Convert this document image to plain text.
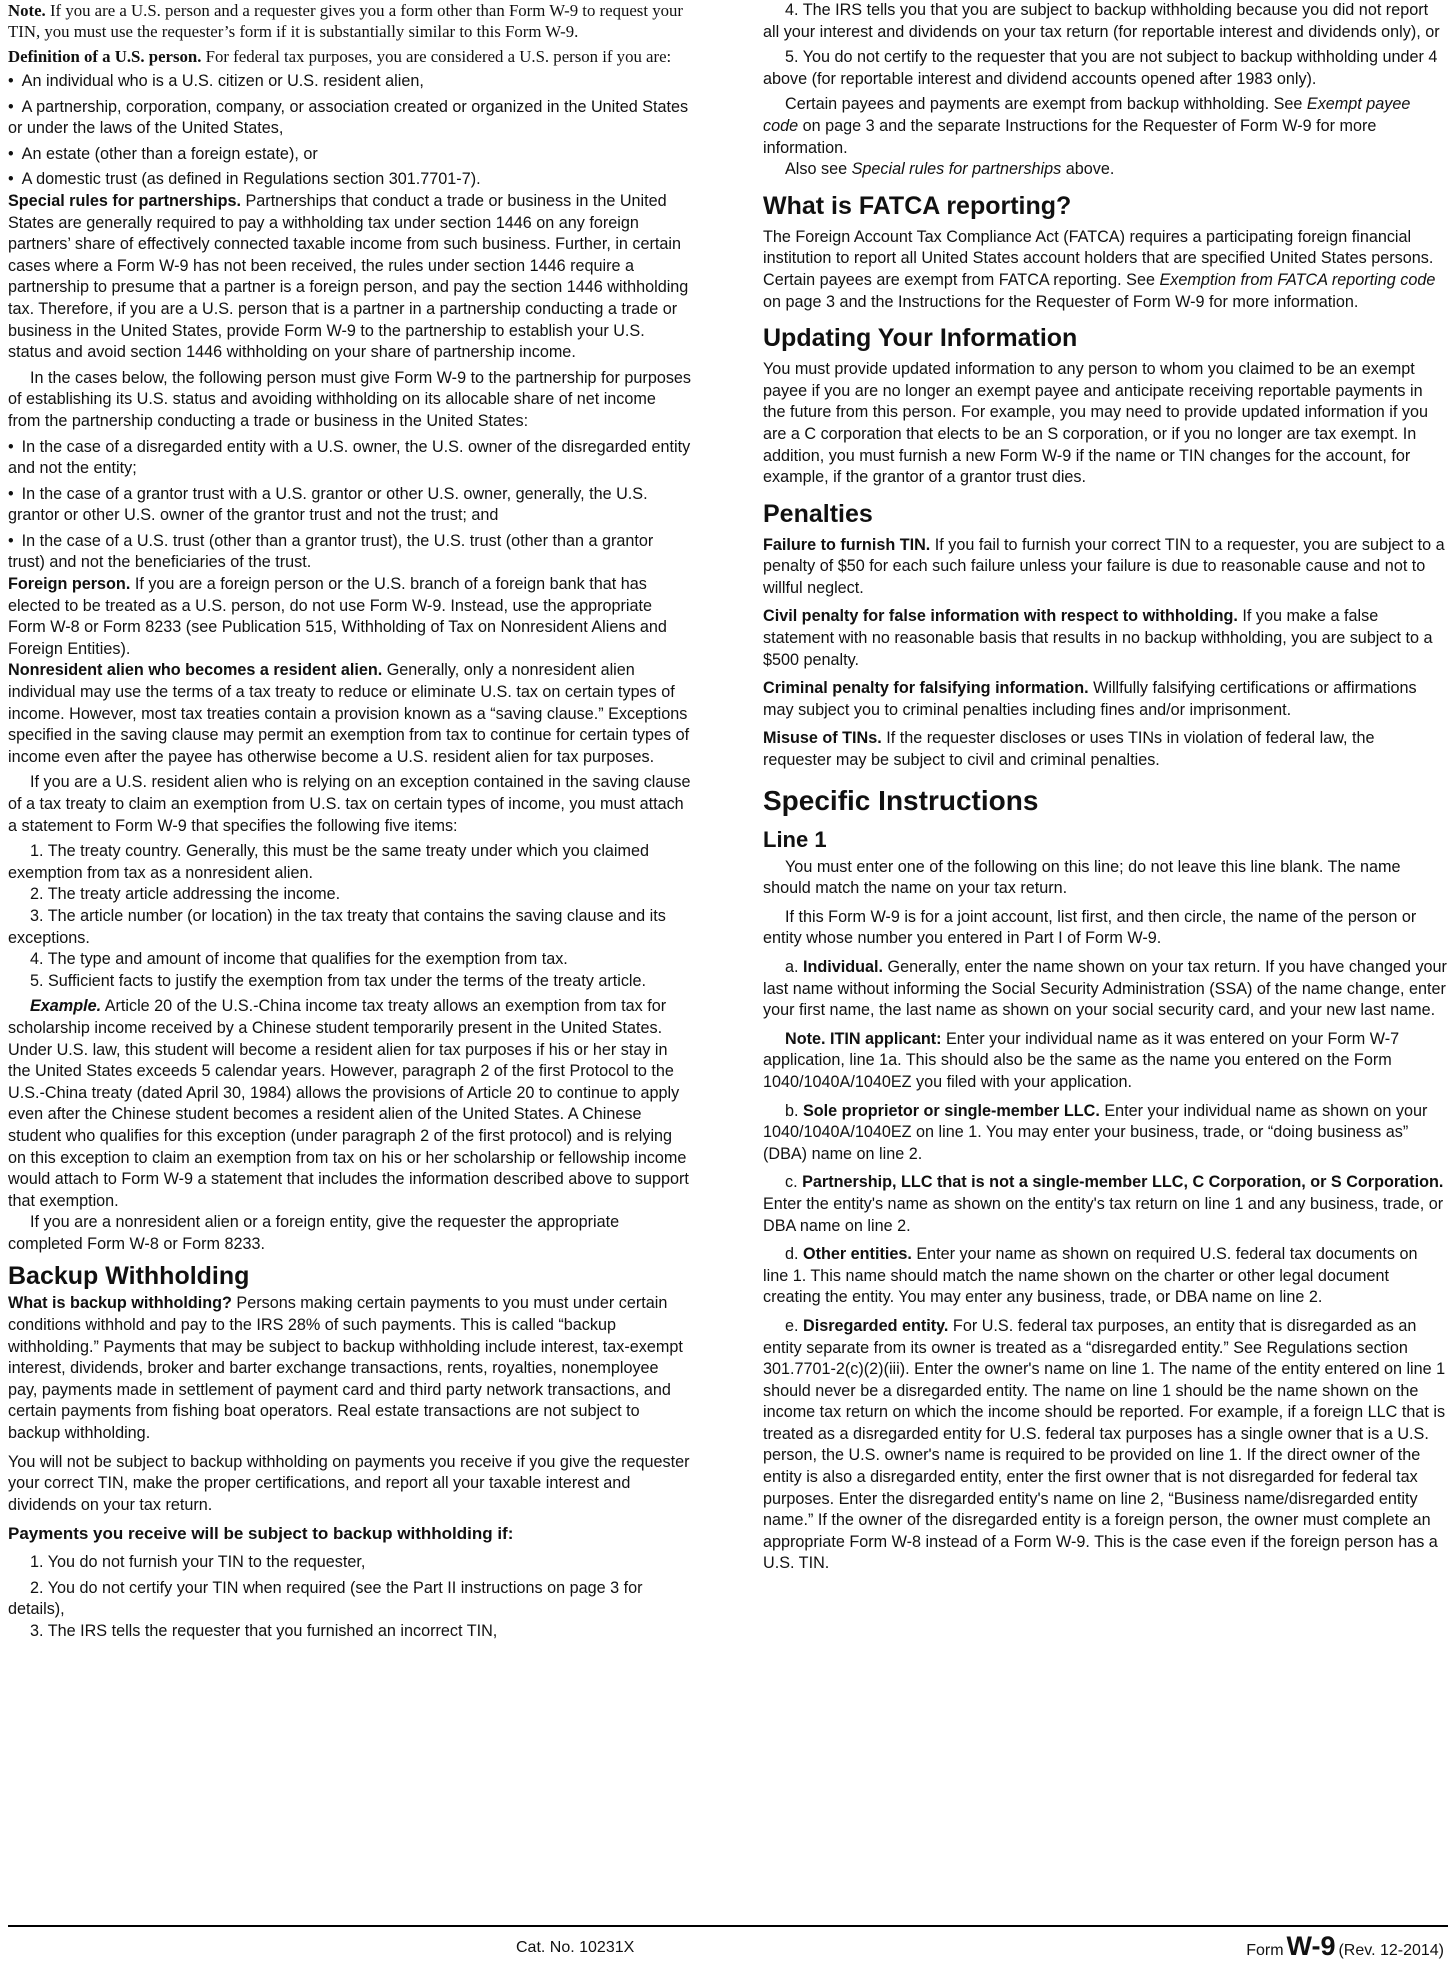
Note. If you are a U.S. person and a requester gives you a form other than Form W-9 to request your TIN, you must use the requester’s form if it is substantially similar to this Form W-9.

Definition of a U.S. person. For federal tax purposes, you are considered a U.S. person if you are:

• An individual who is a U.S. citizen or U.S. resident alien,

• A partnership, corporation, company, or association created or organized in the United States or under the laws of the United States,

• An estate (other than a foreign estate), or

• A domestic trust (as defined in Regulations section 301.7701-7).

Special rules for partnerships. Partnerships that conduct a trade or business in the United States are generally required to pay a withholding tax under section 1446 on any foreign partners’ share of effectively connected taxable income from such business. Further, in certain cases where a Form W-9 has not been received, the rules under section 1446 require a partnership to presume that a partner is a foreign person, and pay the section 1446 withholding tax. Therefore, if you are a U.S. person that is a partner in a partnership conducting a trade or business in the United States, provide Form W-9 to the partnership to establish your U.S. status and avoid section 1446 withholding on your share of partnership income.

In the cases below, the following person must give Form W-9 to the partnership for purposes of establishing its U.S. status and avoiding withholding on its allocable share of net income from the partnership conducting a trade or business in the United States:

• In the case of a disregarded entity with a U.S. owner, the U.S. owner of the disregarded entity and not the entity;

• In the case of a grantor trust with a U.S. grantor or other U.S. owner, generally, the U.S. grantor or other U.S. owner of the grantor trust and not the trust; and

• In the case of a U.S. trust (other than a grantor trust), the U.S. trust (other than a grantor trust) and not the beneficiaries of the trust.

Foreign person. If you are a foreign person or the U.S. branch of a foreign bank that has elected to be treated as a U.S. person, do not use Form W-9. Instead, use the appropriate Form W-8 or Form 8233 (see Publication 515, Withholding of Tax on Nonresident Aliens and Foreign Entities).

Nonresident alien who becomes a resident alien. Generally, only a nonresident alien individual may use the terms of a tax treaty to reduce or eliminate U.S. tax on certain types of income. However, most tax treaties contain a provision known as a “saving clause.” Exceptions specified in the saving clause may permit an exemption from tax to continue for certain types of income even after the payee has otherwise become a U.S. resident alien for tax purposes.

If you are a U.S. resident alien who is relying on an exception contained in the saving clause of a tax treaty to claim an exemption from U.S. tax on certain types of income, you must attach a statement to Form W-9 that specifies the following five items:

1. The treaty country. Generally, this must be the same treaty under which you claimed exemption from tax as a nonresident alien.

2. The treaty article addressing the income.

3. The article number (or location) in the tax treaty that contains the saving clause and its exceptions.

4. The type and amount of income that qualifies for the exemption from tax.

5. Sufficient facts to justify the exemption from tax under the terms of the treaty article.

Example. Article 20 of the U.S.-China income tax treaty allows an exemption from tax for scholarship income received by a Chinese student temporarily present in the United States. Under U.S. law, this student will become a resident alien for tax purposes if his or her stay in the United States exceeds 5 calendar years. However, paragraph 2 of the first Protocol to the U.S.-China treaty (dated April 30, 1984) allows the provisions of Article 20 to continue to apply even after the Chinese student becomes a resident alien of the United States. A Chinese student who qualifies for this exception (under paragraph 2 of the first protocol) and is relying on this exception to claim an exemption from tax on his or her scholarship or fellowship income would attach to Form W-9 a statement that includes the information described above to support that exemption.

If you are a nonresident alien or a foreign entity, give the requester the appropriate completed Form W-8 or Form 8233.

Backup Withholding

What is backup withholding? Persons making certain payments to you must under certain conditions withhold and pay to the IRS 28% of such payments. This is called “backup withholding.” Payments that may be subject to backup withholding include interest, tax-exempt interest, dividends, broker and barter exchange transactions, rents, royalties, nonemployee pay, payments made in settlement of payment card and third party network transactions, and certain payments from fishing boat operators. Real estate transactions are not subject to backup withholding.

You will not be subject to backup withholding on payments you receive if you give the requester your correct TIN, make the proper certifications, and report all your taxable interest and dividends on your tax return.

Payments you receive will be subject to backup withholding if:

1. You do not furnish your TIN to the requester,

2. You do not certify your TIN when required (see the Part II instructions on page 3 for details),

3. The IRS tells the requester that you furnished an incorrect TIN,

4. The IRS tells you that you are subject to backup withholding because you did not report all your interest and dividends on your tax return (for reportable interest and dividends only), or

5. You do not certify to the requester that you are not subject to backup withholding under 4 above (for reportable interest and dividend accounts opened after 1983 only).

Certain payees and payments are exempt from backup withholding. See Exempt payee code on page 3 and the separate Instructions for the Requester of Form W-9 for more information.

Also see Special rules for partnerships above.

What is FATCA reporting?

The Foreign Account Tax Compliance Act (FATCA) requires a participating foreign financial institution to report all United States account holders that are specified United States persons. Certain payees are exempt from FATCA reporting. See Exemption from FATCA reporting code on page 3 and the Instructions for the Requester of Form W-9 for more information.

Updating Your Information

You must provide updated information to any person to whom you claimed to be an exempt payee if you are no longer an exempt payee and anticipate receiving reportable payments in the future from this person. For example, you may need to provide updated information if you are a C corporation that elects to be an S corporation, or if you no longer are tax exempt. In addition, you must furnish a new Form W-9 if the name or TIN changes for the account, for example, if the grantor of a grantor trust dies.

Penalties

Failure to furnish TIN. If you fail to furnish your correct TIN to a requester, you are subject to a penalty of $50 for each such failure unless your failure is due to reasonable cause and not to willful neglect.

Civil penalty for false information with respect to withholding. If you make a false statement with no reasonable basis that results in no backup withholding, you are subject to a $500 penalty.

Criminal penalty for falsifying information. Willfully falsifying certifications or affirmations may subject you to criminal penalties including fines and/or imprisonment.

Misuse of TINs. If the requester discloses or uses TINs in violation of federal law, the requester may be subject to civil and criminal penalties.

Specific Instructions
Line 1

You must enter one of the following on this line; do not leave this line blank. The name should match the name on your tax return.

If this Form W-9 is for a joint account, list first, and then circle, the name of the person or entity whose number you entered in Part I of Form W-9.

a. Individual. Generally, enter the name shown on your tax return. If you have changed your last name without informing the Social Security Administration (SSA) of the name change, enter your first name, the last name as shown on your social security card, and your new last name.

Note. ITIN applicant: Enter your individual name as it was entered on your Form W-7 application, line 1a. This should also be the same as the name you entered on the Form 1040/1040A/1040EZ you filed with your application.

b. Sole proprietor or single-member LLC. Enter your individual name as shown on your 1040/1040A/1040EZ on line 1. You may enter your business, trade, or “doing business as” (DBA) name on line 2.

c. Partnership, LLC that is not a single-member LLC, C Corporation, or S Corporation. Enter the entity's name as shown on the entity's tax return on line 1 and any business, trade, or DBA name on line 2.

d. Other entities. Enter your name as shown on required U.S. federal tax documents on line 1. This name should match the name shown on the charter or other legal document creating the entity. You may enter any business, trade, or DBA name on line 2.

e. Disregarded entity. For U.S. federal tax purposes, an entity that is disregarded as an entity separate from its owner is treated as a “disregarded entity.” See Regulations section 301.7701-2(c)(2)(iii). Enter the owner's name on line 1. The name of the entity entered on line 1 should never be a disregarded entity. The name on line 1 should be the name shown on the income tax return on which the income should be reported. For example, if a foreign LLC that is treated as a disregarded entity for U.S. federal tax purposes has a single owner that is a U.S. person, the U.S. owner's name is required to be provided on line 1. If the direct owner of the entity is also a disregarded entity, enter the first owner that is not disregarded for federal tax purposes. Enter the disregarded entity's name on line 2, “Business name/disregarded entity name.” If the owner of the disregarded entity is a foreign person, the owner must complete an appropriate Form W-8 instead of a Form W-9. This is the case even if the foreign person has a U.S. TIN.

Cat. No. 10231X	Form W-9 (Rev. 12-2014)
